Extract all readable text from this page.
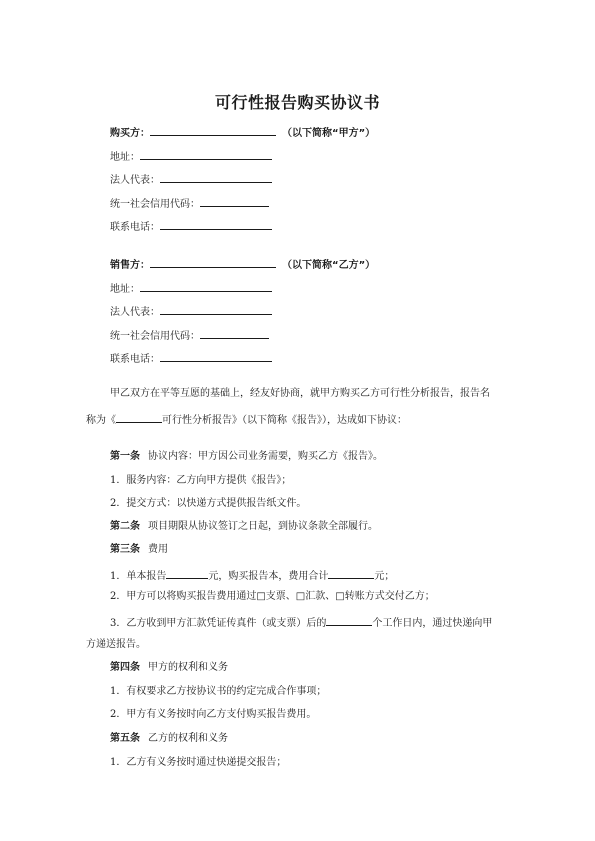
可行性报告购买协议书
购买方：	（以下简称“甲方”）
地址：
法人代表：
统一社会信用代码：
联系电话：
销售方：	（以下简称“乙方”）
地址：
法人代表：
统一社会信用代码：
联系电话：
甲乙双方在平等互愿的基础上，经友好协商，就甲方购买乙方可行性分析报告，报告名
称为《	可行性分析报告》（以下简称《报告》），达成如下协议：
第一条 协议内容：甲方因公司业务需要，购买乙方《报告》。
1．服务内容：乙方向甲方提供《报告》；
2．提交方式：以快递方式提供报告纸文件。
第二条 项目期限从协议签订之日起，到协议条款全部履行。
第三条 费用
1．单本报告	元，购买报告本，费用合计	元；
2．甲方可以将购买报告费用通过□支票、□汇款、□转账方式交付乙方；
3．乙方收到甲方汇款凭证传真件（或支票）后的	个工作日内，通过快递向甲
方递送报告。
第四条 甲方的权利和义务
1．有权要求乙方按协议书的约定完成合作事项；
2．甲方有义务按时向乙方支付购买报告费用。
第五条 乙方的权利和义务
1．乙方有义务按时通过快递提交报告；
